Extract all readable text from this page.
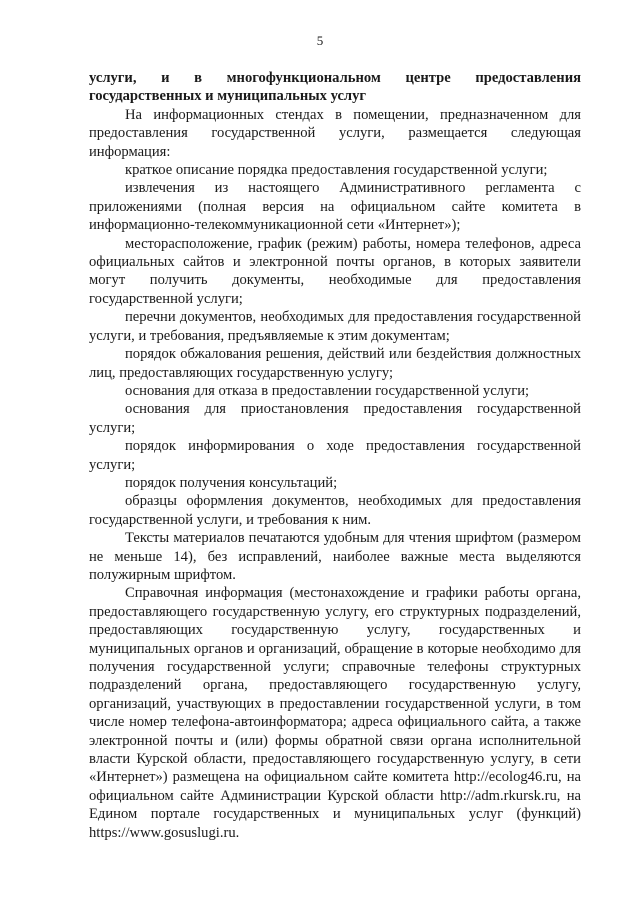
5

услуги, и в многофункциональном центре предоставления государственных и муниципальных услуг

На информационных стендах в помещении, предназначенном для предоставления государственной услуги, размещается следующая информация:

краткое описание порядка предоставления государственной услуги;

извлечения из настоящего Административного регламента с приложениями (полная версия на официальном сайте комитета в информационно-телекоммуникационной сети «Интернет»);

месторасположение, график (режим) работы, номера телефонов, адреса официальных сайтов и электронной почты органов, в которых заявители могут получить документы, необходимые для предоставления государственной услуги;

перечни документов, необходимых для предоставления государственной услуги, и требования, предъявляемые к этим документам;

порядок обжалования решения, действий или бездействия должностных лиц, предоставляющих государственную услугу;

основания для отказа в предоставлении государственной услуги;

основания для приостановления предоставления государственной услуги;

порядок информирования о ходе предоставления государственной услуги;

порядок получения консультаций;

образцы оформления документов, необходимых для предоставления государственной услуги, и требования к ним.

Тексты материалов печатаются удобным для чтения шрифтом (размером не меньше 14), без исправлений, наиболее важные места выделяются полужирным шрифтом.

Справочная информация (местонахождение и графики работы органа, предоставляющего государственную услугу, его структурных подразделений, предоставляющих государственную услугу, государственных и муниципальных органов и организаций, обращение в которые необходимо для получения государственной услуги; справочные телефоны структурных подразделений органа, предоставляющего государственную услугу, организаций, участвующих в предоставлении государственной услуги, в том числе номер телефона-автоинформатора; адреса официального сайта, а также электронной почты и (или) формы обратной связи органа исполнительной власти Курской области, предоставляющего государственную услугу, в сети «Интернет») размещена на официальном сайте комитета http://ecolog46.ru, на официальном сайте Администрации Курской области http://adm.rkursk.ru, на Едином портале государственных и муниципальных услуг (функций) https://www.gosuslugi.ru.
